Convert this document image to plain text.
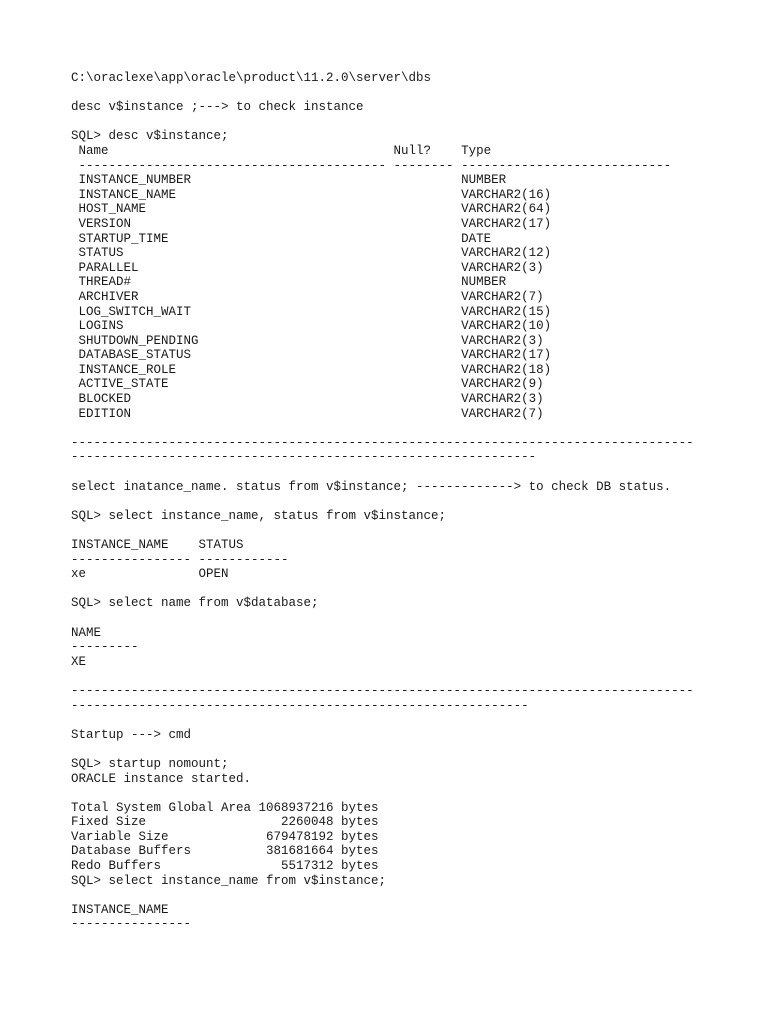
C:\oraclexe\app\oracle\product\11.2.0\server\dbs

desc v$instance ;---> to check instance

SQL> desc v$instance;
Name                                      Null?    Type
----------------------------------------- -------- ----------------------------
INSTANCE_NUMBER                                    NUMBER
INSTANCE_NAME                                      VARCHAR2(16)
HOST_NAME                                          VARCHAR2(64)
VERSION                                            VARCHAR2(17)
STARTUP_TIME                                       DATE
STATUS                                             VARCHAR2(12)
PARALLEL                                           VARCHAR2(3)
THREAD#                                            NUMBER
ARCHIVER                                           VARCHAR2(7)
LOG_SWITCH_WAIT                                    VARCHAR2(15)
LOGINS                                             VARCHAR2(10)
SHUTDOWN_PENDING                                   VARCHAR2(3)
DATABASE_STATUS                                    VARCHAR2(17)
INSTANCE_ROLE                                      VARCHAR2(18)
ACTIVE_STATE                                       VARCHAR2(9)
BLOCKED                                            VARCHAR2(3)
EDITION                                            VARCHAR2(7)

-----------------------------------------------------------------------------------
--------------------------------------------------------------

select inatance_name. status from v$instance; -------------> to check DB status.

SQL> select instance_name, status from v$instance;

INSTANCE_NAME    STATUS
---------------- ------------
xe               OPEN

SQL> select name from v$database;

NAME
---------
XE

-----------------------------------------------------------------------------------
-------------------------------------------------------------

Startup ---> cmd

SQL> startup nomount;
ORACLE instance started.

Total System Global Area 1068937216 bytes
Fixed Size                  2260048 bytes
Variable Size             679478192 bytes
Database Buffers          381681664 bytes
Redo Buffers                5517312 bytes
SQL> select instance_name from v$instance;

INSTANCE_NAME
----------------
